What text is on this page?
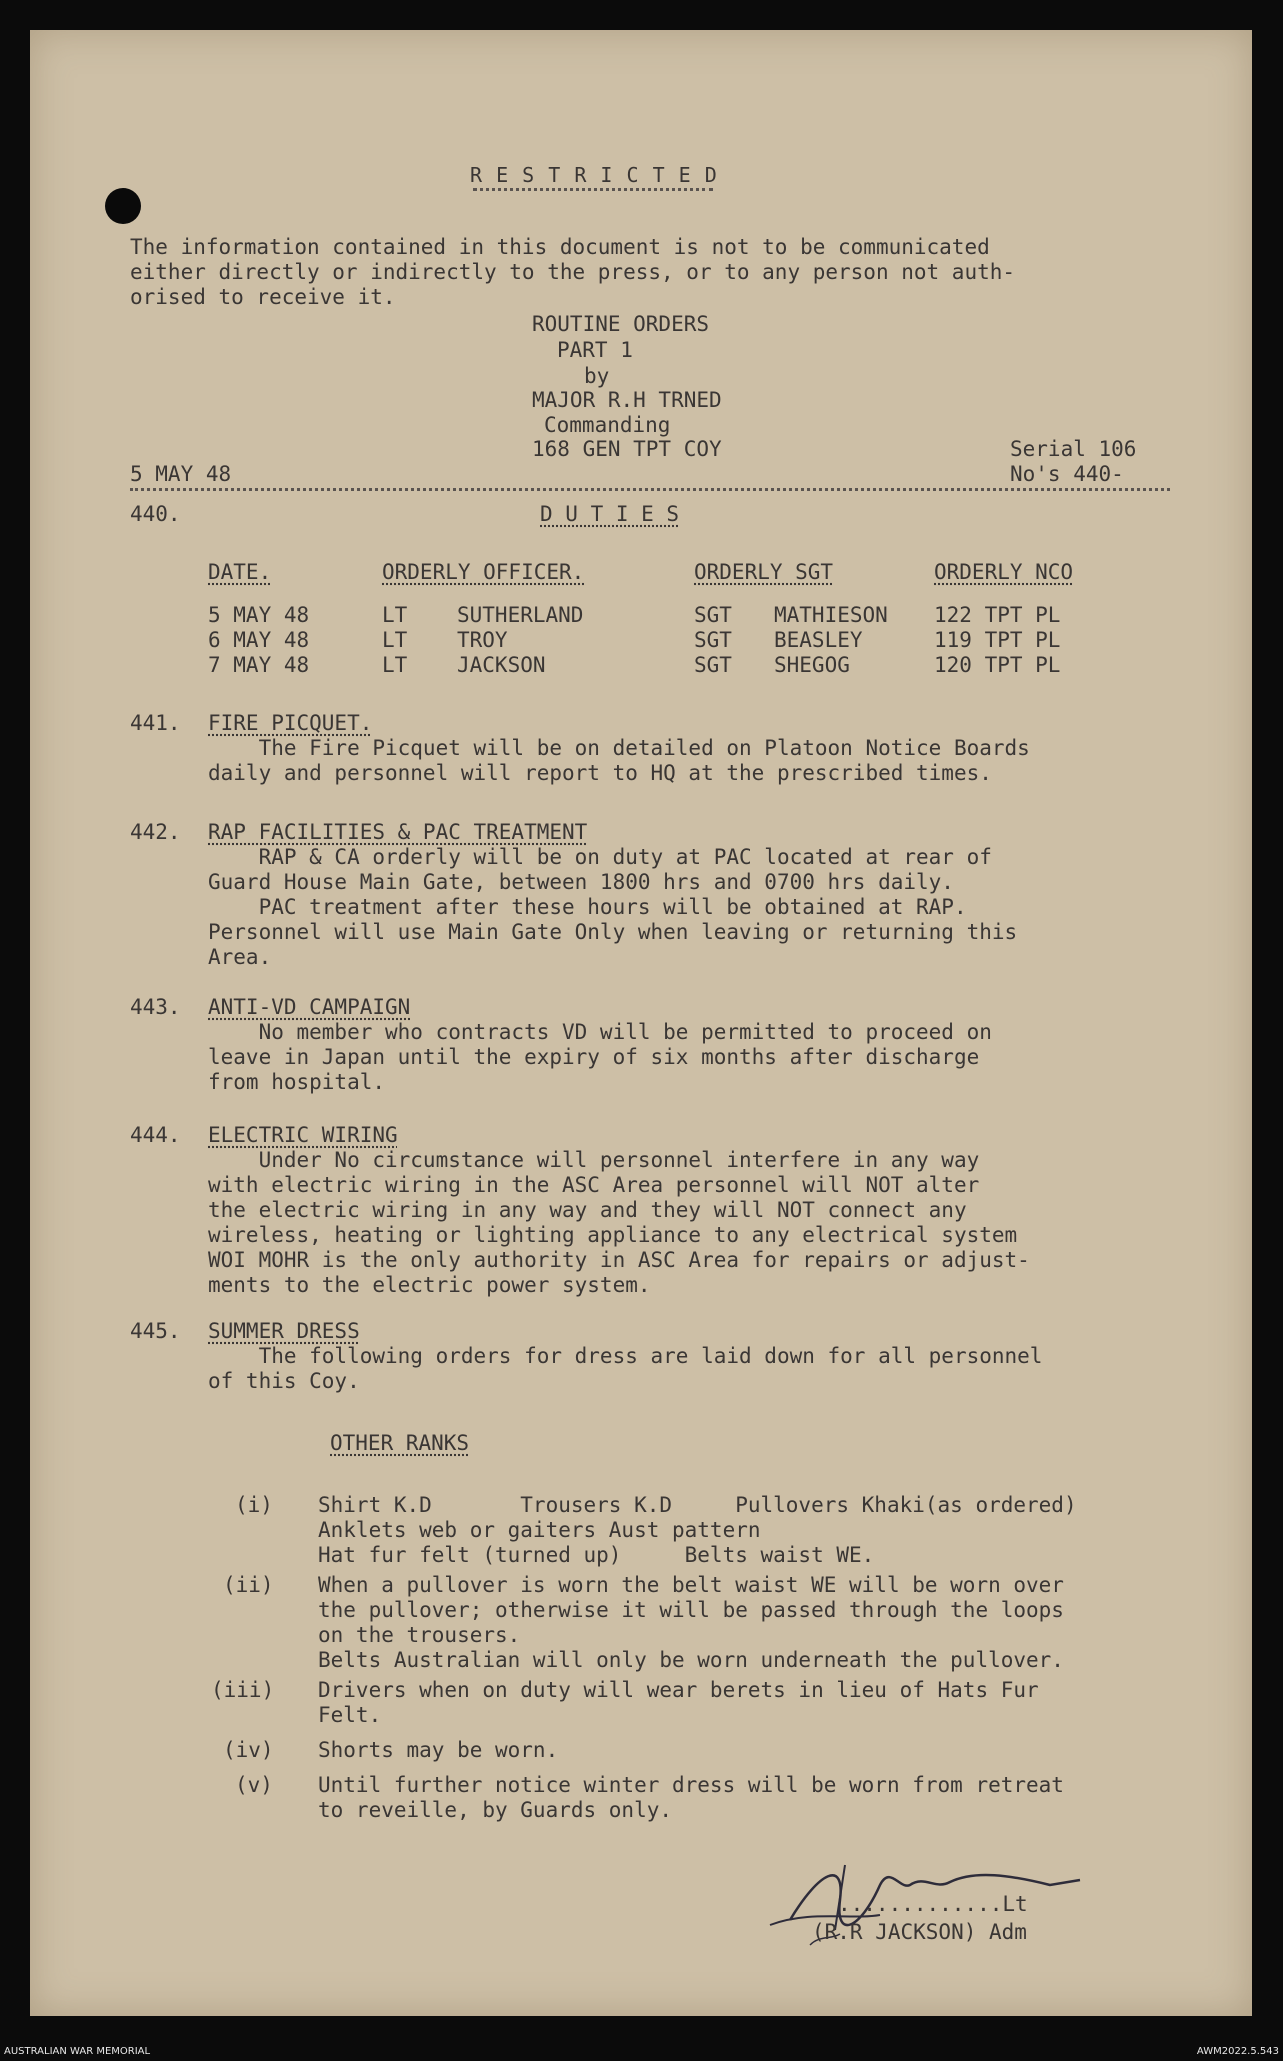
R E S T R I C T E D
The information contained in this document is not to be communicated
either directly or indirectly to the press, or to any person not auth-
orised to receive it.
ROUTINE ORDERS
PART 1
by
MAJOR R.H TRNED
Commanding
168 GEN TPT COY
5 MAY 48
Serial 106
No's 440-
440.	D U T I E S
DATE.	ORDERLY OFFICER.	ORDERLY SGT	ORDERLY NCO
5 MAY 48	LT SUTHERLAND	SGT MATHIESON 122 TPT PL
6 MAY 48	LT TROY	SGT BEASLEY	119 TPT PL
7 MAY 48	LT JACKSON	SGT SHEGOG	120 TPT PL
441. FIRE PICQUET.
The Fire Picquet will be on detailed on Platoon Notice Boards
daily and personnel will report to HQ at the prescribed times.
442. RAP FACILITIES & PAC TREATMENT
RAP & CA orderly will be on duty at PAC located at rear of
Guard House Main Gate, between 1800 hrs and 0700 hrs daily.
PAC treatment after these hours will be obtained at RAP.
Personnel will use Main Gate Only when leaving or returning this
Area.
443. ANTI-VD CAMPAIGN
No member who contracts VD will be permitted to proceed on
leave in Japan until the expiry of six months after discharge
from hospital.
444. ELECTRIC WIRING
Under No circumstance will personnel interfere in any way
with electric wiring in the ASC Area personnel will NOT alter
the electric wiring in any way and they will NOT connect any
wireless, heating or lighting appliance to any electrical system
WOI MOHR is the only authority in ASC Area for repairs or adjust-
ments to the electric power system.
445. SUMMER DRESS
The following orders for dress are laid down for all personnel
of this Coy.
OTHER RANKS
(i) Shirt K.D       Trousers K.D     Pullovers Khaki(as ordered)
Anklets web or gaiters Aust pattern
Hat fur felt (turned up)     Belts waist WE.
(ii) When a pullover is worn the belt waist WE will be worn over
the pullover; otherwise it will be passed through the loops
on the trousers.
Belts Australian will only be worn underneath the pullover.
(iii) Drivers when on duty will wear berets in lieu of Hats Fur
Felt.
(iv) Shorts may be worn.
(v) Until further notice winter dress will be worn from retreat
to reveille, by Guards only.
.............Lt
(R.R JACKSON) Adm
AUSTRALIAN WAR MEMORIAL	AWM2022.5.543
